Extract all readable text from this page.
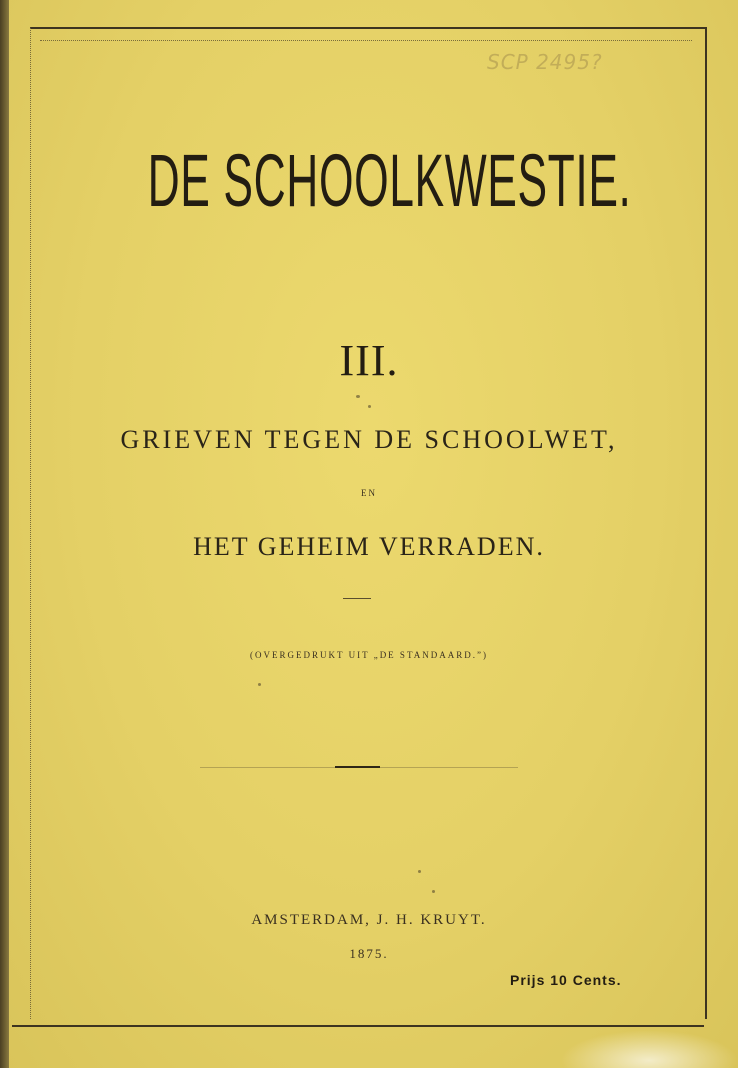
SCP 2495?
DE SCHOOLKWESTIE.
III.
GRIEVEN TEGEN DE SCHOOLWET,
EN
HET GEHEIM VERRADEN.
(OVERGEDRUKT UIT „DE STANDAARD.”)
AMSTERDAM, J. H. KRUYT.
1875.
Prijs 10 Cents.
